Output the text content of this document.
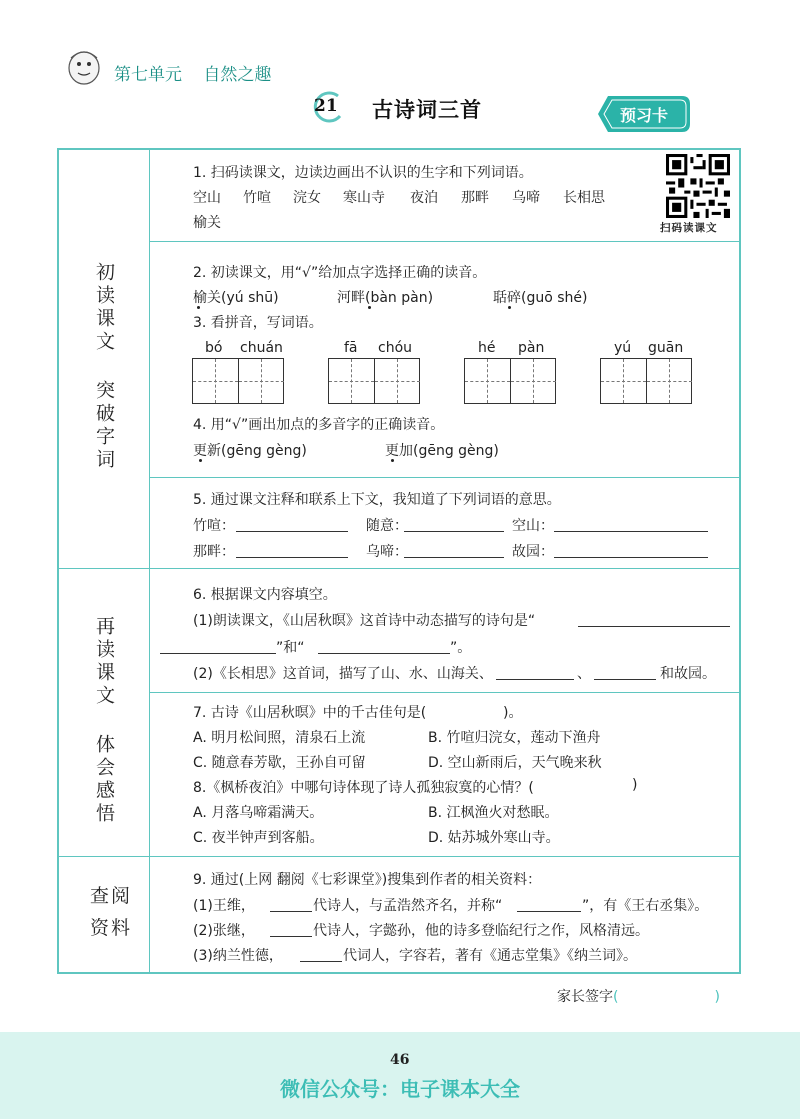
第七单元 自然之趣
21 古诗词三首	预习卡
初读课文 突破字词
再读课文 体会感悟
查阅资料
扫码读课文
1. 扫码读课文，边读边画出不认识的生字和下列词语。
空山 竹喧 浣女 寒山寺 夜泊 那畔 乌啼 长相思
榆关
2. 初读课文，用“√”给加点字选择正确的读音。
榆关(yú shū)	河畔(bàn pàn)	聒碎(guō shé)
3. 看拼音，写词语。
bó chuán	fā chóu	hé pàn	yú guān
4. 用“√”画出加点的多音字的正确读音。
更新(gēng gèng)	更加(gēng gèng)
5. 通过课文注释和联系上下文，我知道了下列词语的意思。
竹喧：	随意：	空山：
那畔：	乌啼：	故园：
6. 根据课文内容填空。
(1)朗读课文，《山居秋暝》这首诗中动态描写的诗句是“
”和“	”。
(2)《长相思》这首词，描写了山、水、山海关、	、	和故园。
7. 古诗《山居秋暝》中的千古佳句是(	)。
A. 明月松间照，清泉石上流	B. 竹喧归浣女，莲动下渔舟
C. 随意春芳歇，王孙自可留	D. 空山新雨后，天气晚来秋
8.《枫桥夜泊》中哪句诗体现了诗人孤独寂寞的心情？(	)
A. 月落乌啼霜满天。	B. 江枫渔火对愁眠。
C. 夜半钟声到客船。	D. 姑苏城外寒山寺。
9. 通过(上网 翻阅《七彩课堂》)搜集到作者的相关资料：
(1)王维，	代诗人，与孟浩然齐名，并称“	”，有《王右丞集》。
(2)张继，	代诗人，字懿孙，他的诗多登临纪行之作，风格清远。
(3)纳兰性德，	代词人，字容若，著有《通志堂集》《纳兰词》。
家长签字(	)
46
微信公众号：电子课本大全
